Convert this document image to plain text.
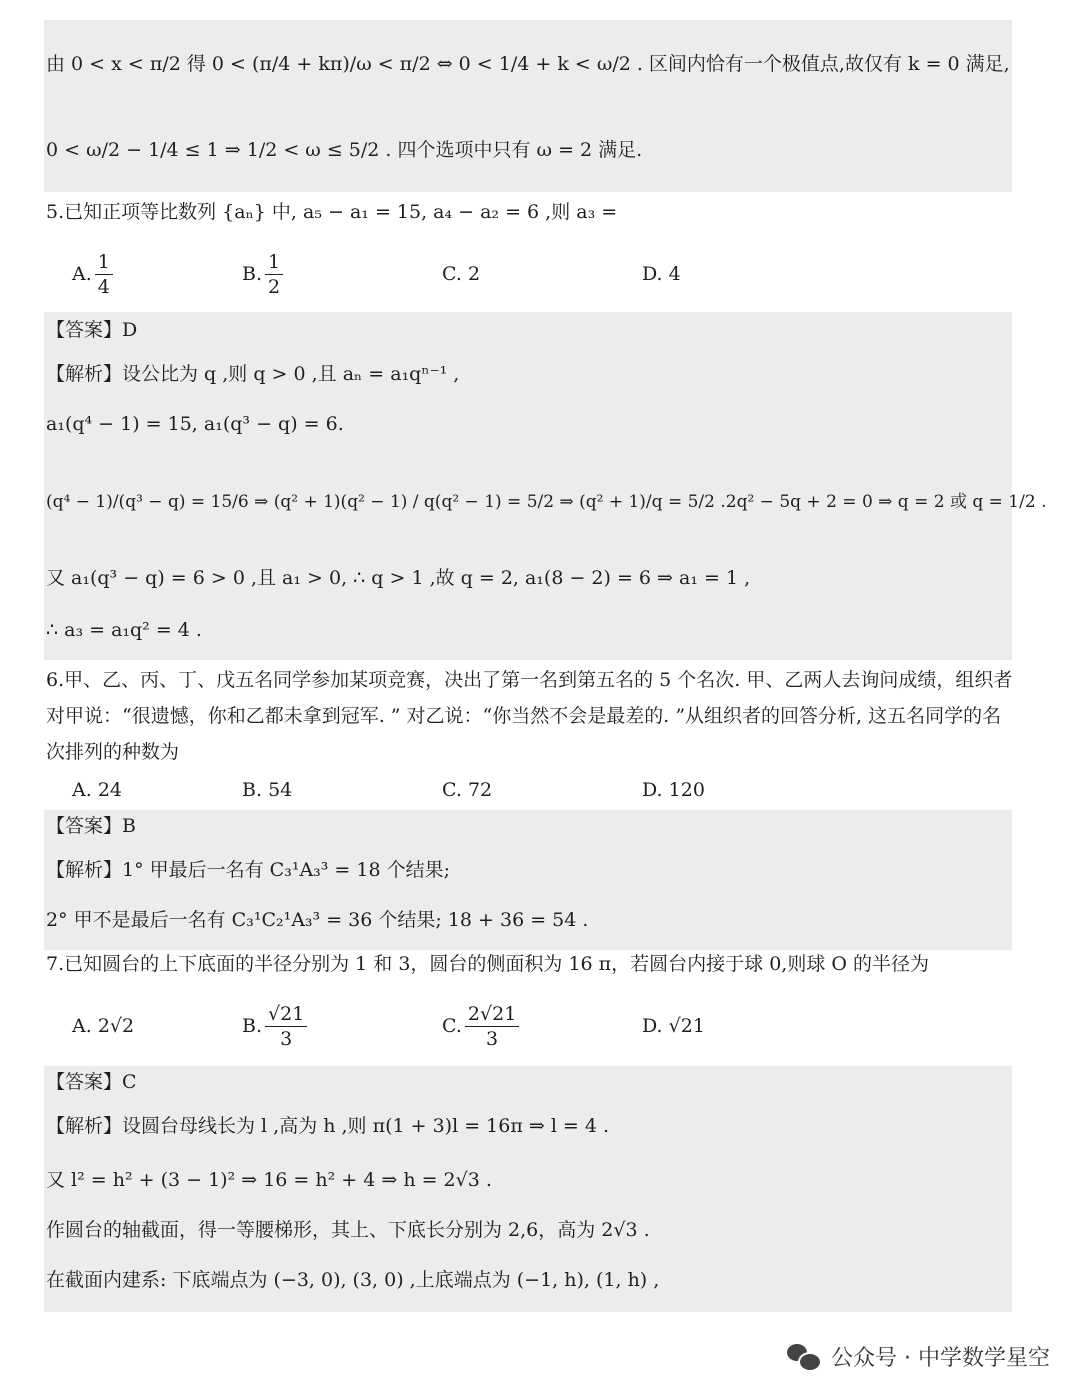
由 0 < x < π/2 得 0 < (π/4 + kπ)/ω < π/2 ⇔ 0 < 1/4 + k < ω/2 . 区间内恰有一个极值点,故仅有 k = 0 满足,
0 < ω/2 − 1/4 ≤ 1 ⇒ 1/2 < ω ≤ 5/2 . 四个选项中只有 ω = 2 满足.
5.已知正项等比数列 {aₙ} 中, a₅ − a₁ = 15, a₄ − a₂ = 6 ,则 a₃ =
A. $\frac{1}{4}$	B. $\frac{1}{2}$	C.
2	D.
4
【答案】D
【解析】设公比为 q ,则 q > 0 ,且 aₙ = a₁qⁿ⁻¹ ,
a₁(q⁴ − 1) = 15, a₁(q³ − q) = 6.
(q⁴ − 1)/(q³ − q) = 15/6 ⇒ (q² + 1)(q² − 1) / q(q² − 1) = 5/2 ⇒ (q² + 1)/q = 5/2 .2q² − 5q + 2 = 0 ⇒ q = 2 或 q = 1/2 .
又 a₁(q³ − q) = 6 > 0 ,且 a₁ > 0, ∴ q > 1 ,故 q = 2, a₁(8 − 2) = 6 ⇒ a₁ = 1 ,
∴ a₃ = a₁q² = 4 .
6.甲、乙、丙、丁、戊五名同学参加某项竞赛，决出了第一名到第五名的 5 个名次. 甲、乙两人去询问成绩，组织者对甲说：“很遗憾，你和乙都未拿到冠军. ” 对乙说：“你当然不会是最差的. ”从组织者的回答分析, 这五名同学的名次排列的种数为
A.
24	B.
54	C.
72	D.
120
【答案】B
【解析】1° 甲最后一名有 C₃¹A₃³ = 18 个结果;
2° 甲不是最后一名有 C₃¹C₂¹A₃³ = 36 个结果; 18 + 36 = 54 .
7.已知圆台的上下底面的半径分别为 1 和 3，圆台的侧面积为 16 π，若圆台内接于球 0,则球 O 的半径为
A.
2√2	B. $\frac{√21}{3}$	C. $\frac{2√21}{3}$	D.
√21
【答案】C
【解析】设圆台母线长为 l ,高为 h ,则 π(1 + 3)l = 16π ⇒ l = 4 .
又 l² = h² + (3 − 1)² ⇒ 16 = h² + 4 ⇒ h = 2√3 .
作圆台的轴截面，得一等腰梯形，其上、下底长分别为 2,6，高为 2√3 .
在截面内建系: 下底端点为 (−3, 0), (3, 0) ,上底端点为 (−1, h), (1, h) ,
公众号 · 中学数学星空
